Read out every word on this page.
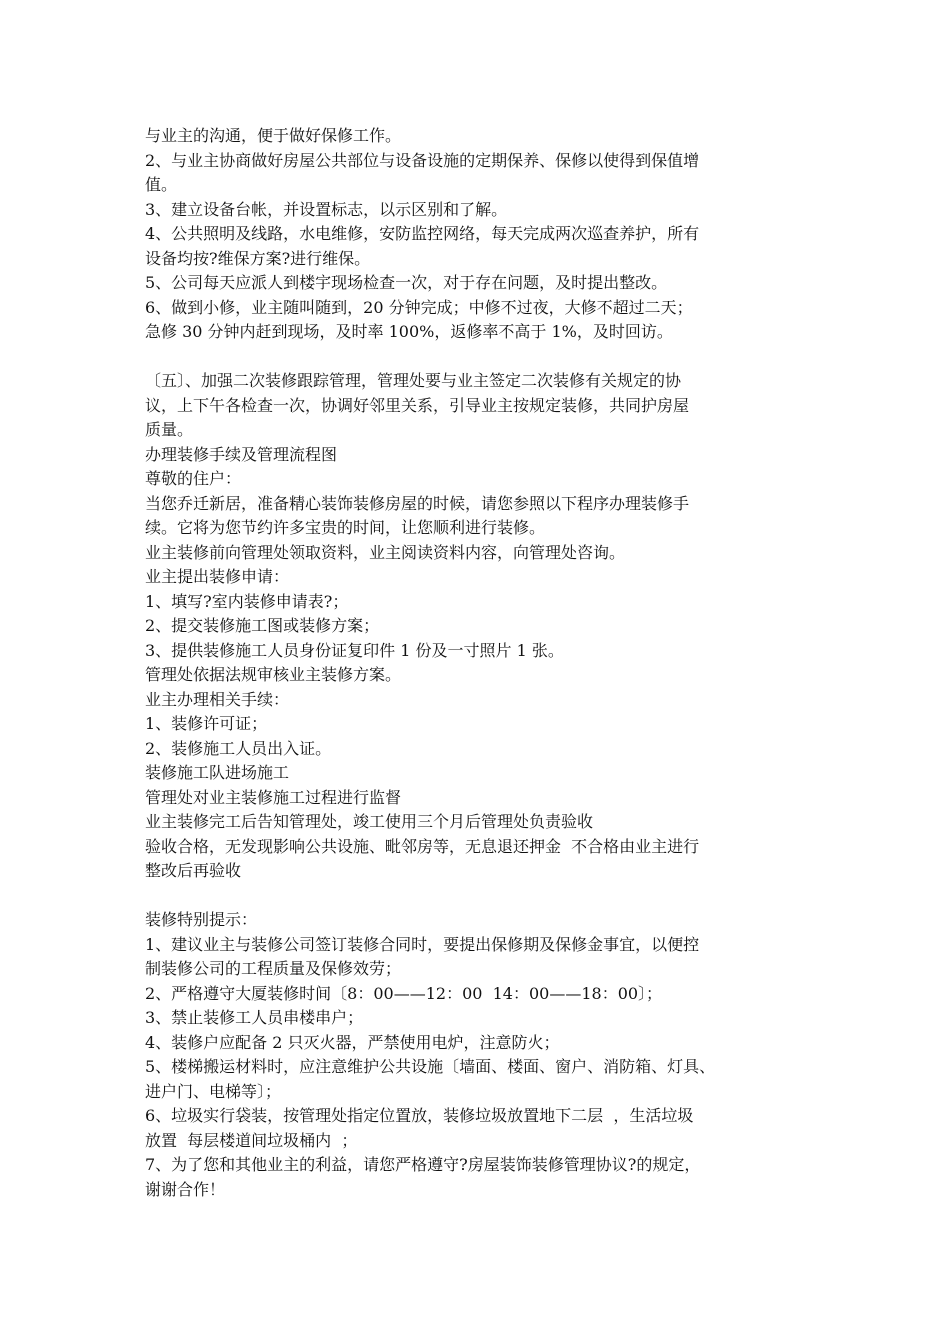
与业主的沟通，便于做好保修工作。
2、与业主协商做好房屋公共部位与设备设施的定期保养、保修以使得到保值增
值。
3、建立设备台帐，并设置标志，以示区别和了解。
4、公共照明及线路，水电维修，安防监控网络，每天完成两次巡查养护，所有
设备均按?维保方案?进行维保。
5、公司每天应派人到楼宇现场检查一次，对于存在问题，及时提出整改。
6、做到小修，业主随叫随到，20 分钟完成；中修不过夜，大修不超过二天；
急修 30 分钟内赶到现场，及时率 100%，返修率不高于 1%，及时回访。
〔五〕、加强二次装修跟踪管理，管理处要与业主签定二次装修有关规定的协
议，上下午各检查一次，协调好邻里关系，引导业主按规定装修，共同护房屋
质量。
办理装修手续及管理流程图
尊敬的住户：
当您乔迁新居，准备精心装饰装修房屋的时候，请您参照以下程序办理装修手
续。它将为您节约许多宝贵的时间，让您顺利进行装修。
业主装修前向管理处领取资料，业主阅读资料内容，向管理处咨询。
业主提出装修申请：
1、填写?室内装修申请表?；
2、提交装修施工图或装修方案；
3、提供装修施工人员身份证复印件 1 份及一寸照片 1 张。
管理处依据法规审核业主装修方案。
业主办理相关手续：
1、装修许可证；
2、装修施工人员出入证。
装修施工队进场施工
管理处对业主装修施工过程进行监督
业主装修完工后告知管理处，竣工使用三个月后管理处负责验收
验收合格，无发现影响公共设施、毗邻房等，无息退还押金  不合格由业主进行
整改后再验收
装修特别提示：
1、建议业主与装修公司签订装修合同时，要提出保修期及保修金事宜，以便控
制装修公司的工程质量及保修效劳；
2、严格遵守大厦装修时间〔8：00——12：00  14：00——18：00〕；
3、禁止装修工人员串楼串户；
4、装修户应配备 2 只灭火器，严禁使用电炉，注意防火；
5、楼梯搬运材料时，应注意维护公共设施〔墙面、楼面、窗户、消防箱、灯具、
进户门、电梯等〕；
6、垃圾实行袋装，按管理处指定位置放，装修垃圾放置地下二层  ，生活垃圾
放置  每层楼道间垃圾桶内  ；
7、为了您和其他业主的利益，请您严格遵守?房屋装饰装修管理协议?的规定，
谢谢合作！
